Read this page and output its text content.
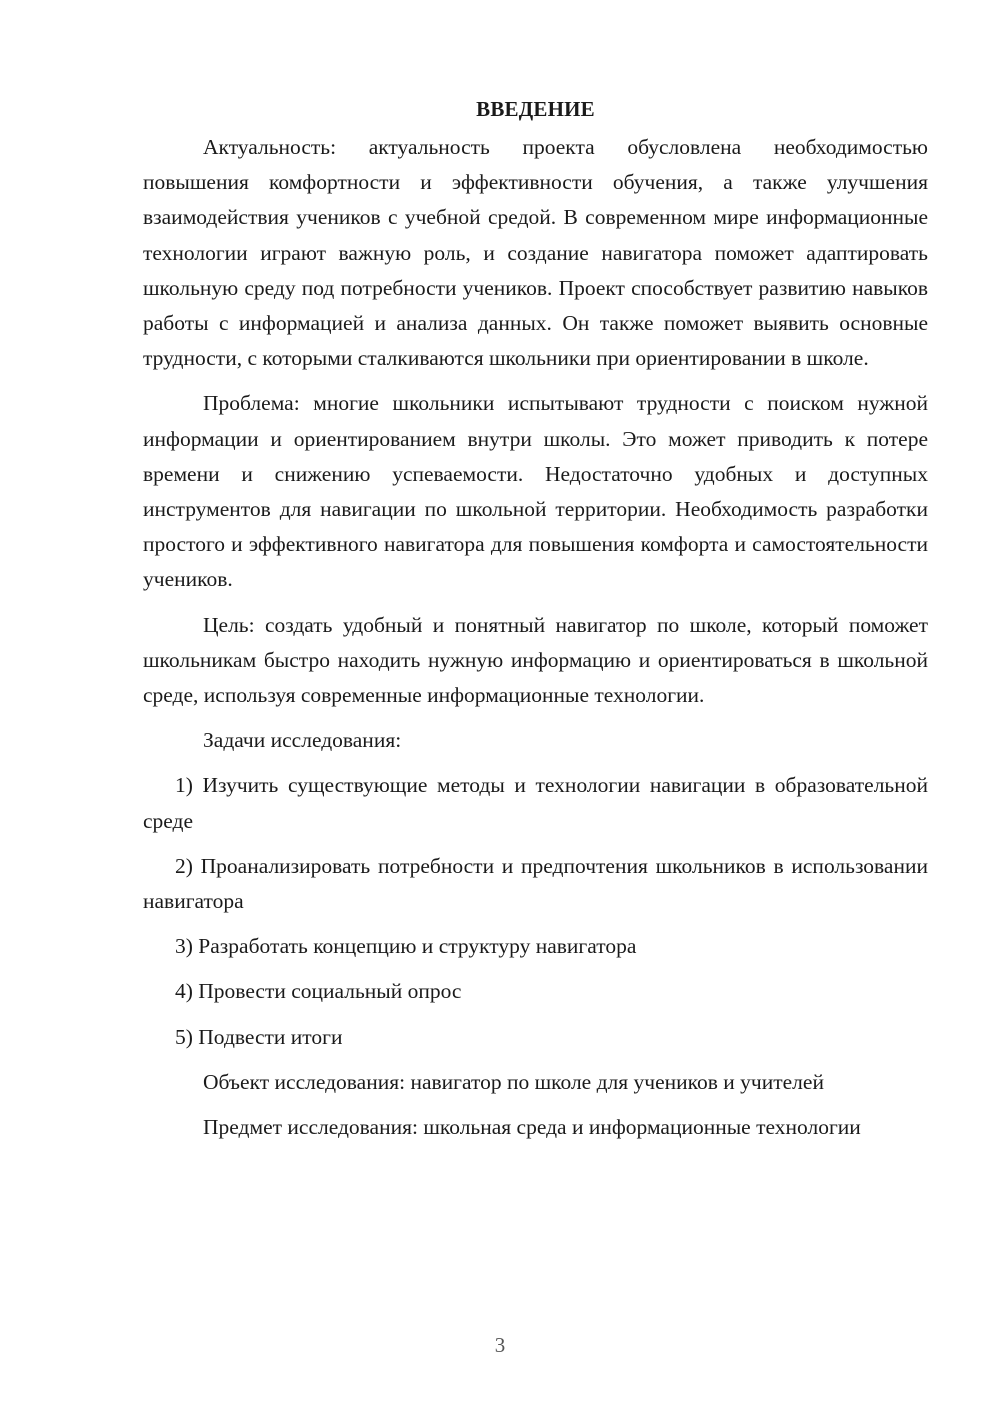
ВВЕДЕНИЕ

Актуальность: актуальность проекта обусловлена необходимостью повышения комфортности и эффективности обучения, а также улучшения взаимодействия учеников с учебной средой. В современном мире информационные технологии играют важную роль, и создание навигатора поможет адаптировать школьную среду под потребности учеников. Проект способствует развитию навыков работы с информацией и анализа данных. Он также поможет выявить основные трудности, с которыми сталкиваются школьники при ориентировании в школе.

Проблема: многие школьники испытывают трудности с поиском нужной информации и ориентированием внутри школы. Это может приводить к потере времени и снижению успеваемости. Недостаточно удобных и доступных инструментов для навигации по школьной территории. Необходимость разработки простого и эффективного навигатора для повышения комфорта и самостоятельности учеников.

Цель: создать удобный и понятный навигатор по школе, который поможет школьникам быстро находить нужную информацию и ориентироваться в школьной среде, используя современные информационные технологии.

Задачи исследования:

1) Изучить существующие методы и технологии навигации в образовательной среде

2) Проанализировать потребности и предпочтения школьников в использовании навигатора

3) Разработать концепцию и структуру навигатора

4) Провести социальный опрос

5) Подвести итоги

Объект исследования: навигатор по школе для учеников и учителей

Предмет исследования: школьная среда и информационные технологии

3
